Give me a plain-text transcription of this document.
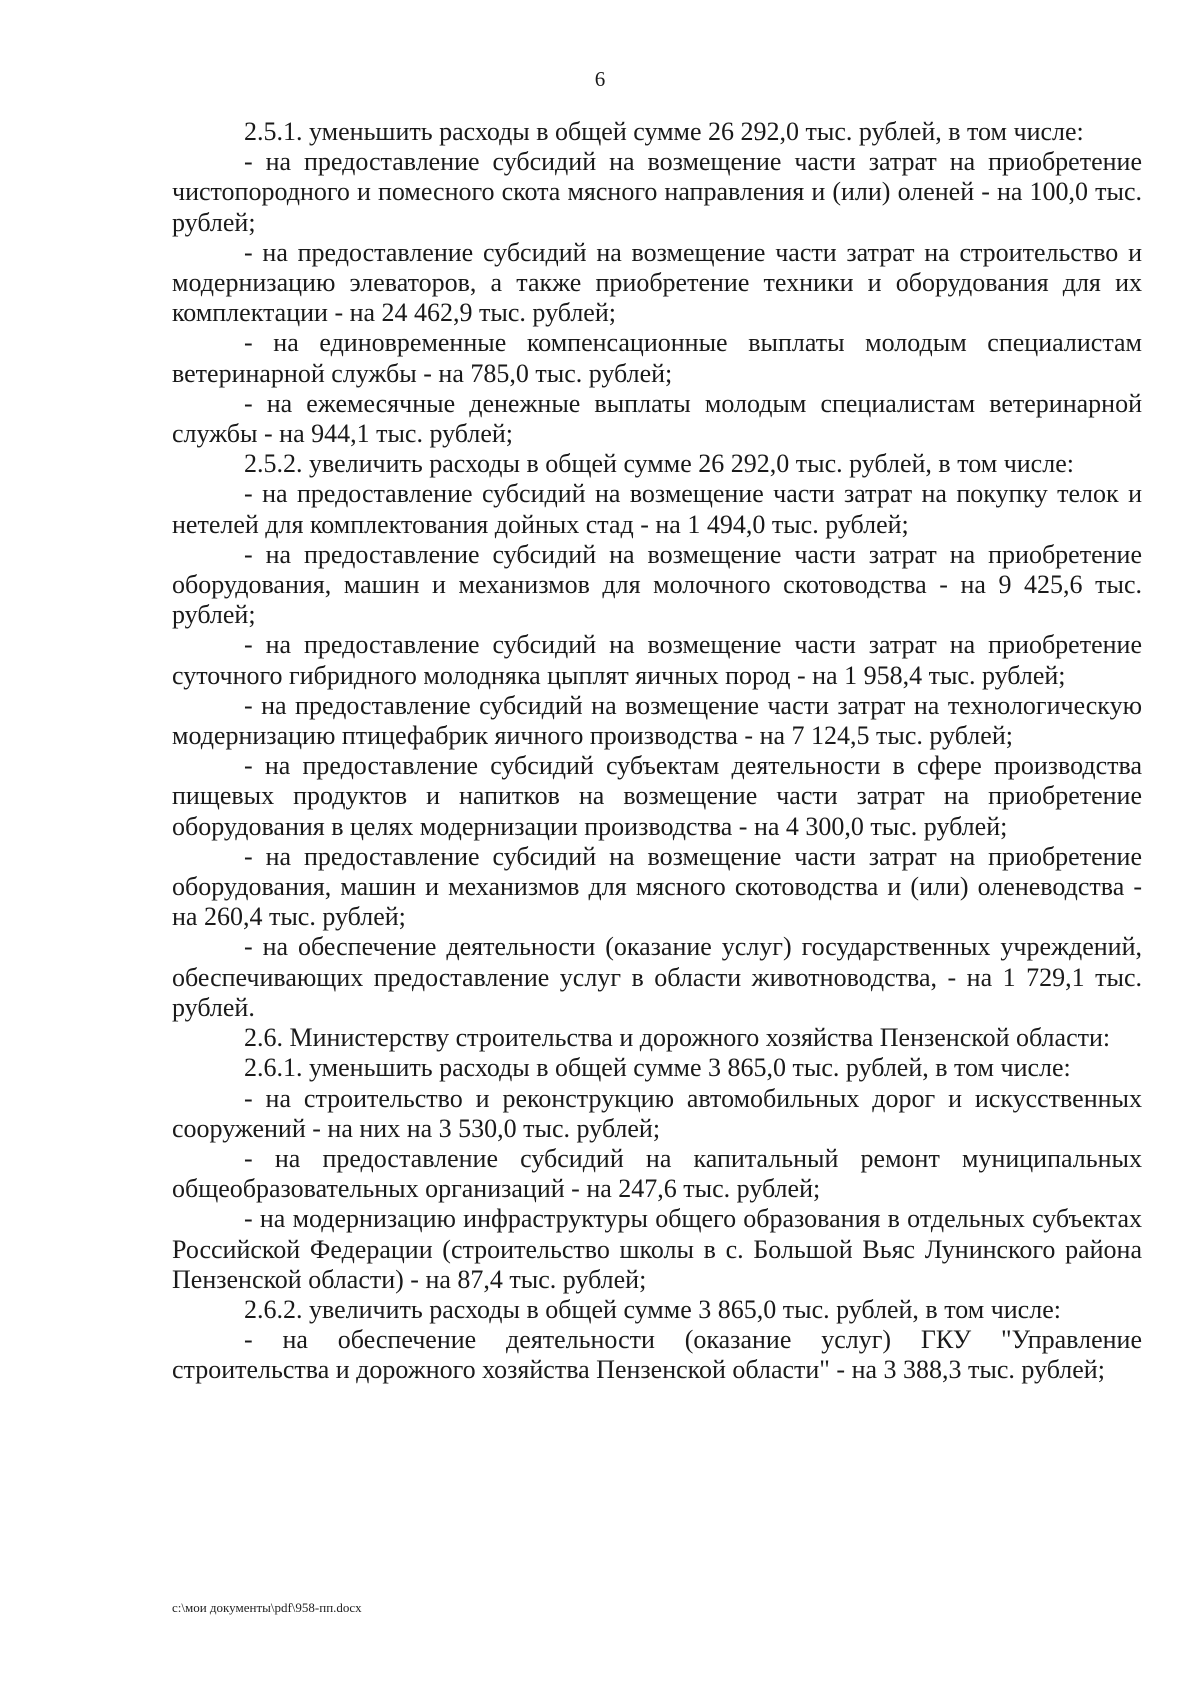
6

2.5.1. уменьшить расходы в общей сумме 26 292,0 тыс. рублей, в том числе:

- на предоставление субсидий на возмещение части затрат на приобретение чистопородного и помесного скота мясного направления и (или) оленей - на 100,0 тыс. рублей;

- на предоставление субсидий на возмещение части затрат на строительство и модернизацию элеваторов, а также приобретение техники и оборудования для их комплектации - на 24 462,9 тыс. рублей;

- на единовременные компенсационные выплаты молодым специалистам ветеринарной службы - на 785,0 тыс. рублей;

- на ежемесячные денежные выплаты молодым специалистам ветеринарной службы - на 944,1 тыс. рублей;

2.5.2. увеличить расходы в общей сумме 26 292,0 тыс. рублей, в том числе:

- на предоставление субсидий на возмещение части затрат на покупку телок и нетелей для комплектования дойных стад - на 1 494,0 тыс. рублей;

- на предоставление субсидий на возмещение части затрат на приобретение оборудования, машин и механизмов для молочного скотоводства - на 9 425,6 тыс. рублей;

- на предоставление субсидий на возмещение части затрат на приобретение суточного гибридного молодняка цыплят яичных пород - на 1 958,4 тыс. рублей;

- на предоставление субсидий на возмещение части затрат на технологическую модернизацию птицефабрик яичного производства - на 7 124,5 тыс. рублей;

- на предоставление субсидий субъектам деятельности в сфере производства пищевых продуктов и напитков на возмещение части затрат на приобретение оборудования в целях модернизации производства - на 4 300,0 тыс. рублей;

- на предоставление субсидий на возмещение части затрат на приобретение оборудования, машин и механизмов для мясного скотоводства и (или) оленеводства - на 260,4 тыс. рублей;

- на обеспечение деятельности (оказание услуг) государственных учреждений, обеспечивающих предоставление услуг в области животноводства, - на 1 729,1 тыс. рублей.

2.6. Министерству строительства и дорожного хозяйства Пензенской области:

2.6.1. уменьшить расходы в общей сумме 3 865,0 тыс. рублей, в том числе:

- на строительство и реконструкцию автомобильных дорог и искусственных сооружений - на них на 3 530,0 тыс. рублей;

- на предоставление субсидий на капитальный ремонт муниципальных общеобразовательных организаций - на 247,6 тыс. рублей;

- на модернизацию инфраструктуры общего образования в отдельных субъектах Российской Федерации (строительство школы в с. Большой Вьяс Лунинского района Пензенской области) - на 87,4 тыс. рублей;

2.6.2. увеличить расходы в общей сумме 3 865,0 тыс. рублей, в том числе:

- на обеспечение деятельности (оказание услуг) ГКУ "Управление строительства и дорожного хозяйства Пензенской области" - на 3 388,3 тыс. рублей;

c:\мои документы\pdf\958-пп.docx
